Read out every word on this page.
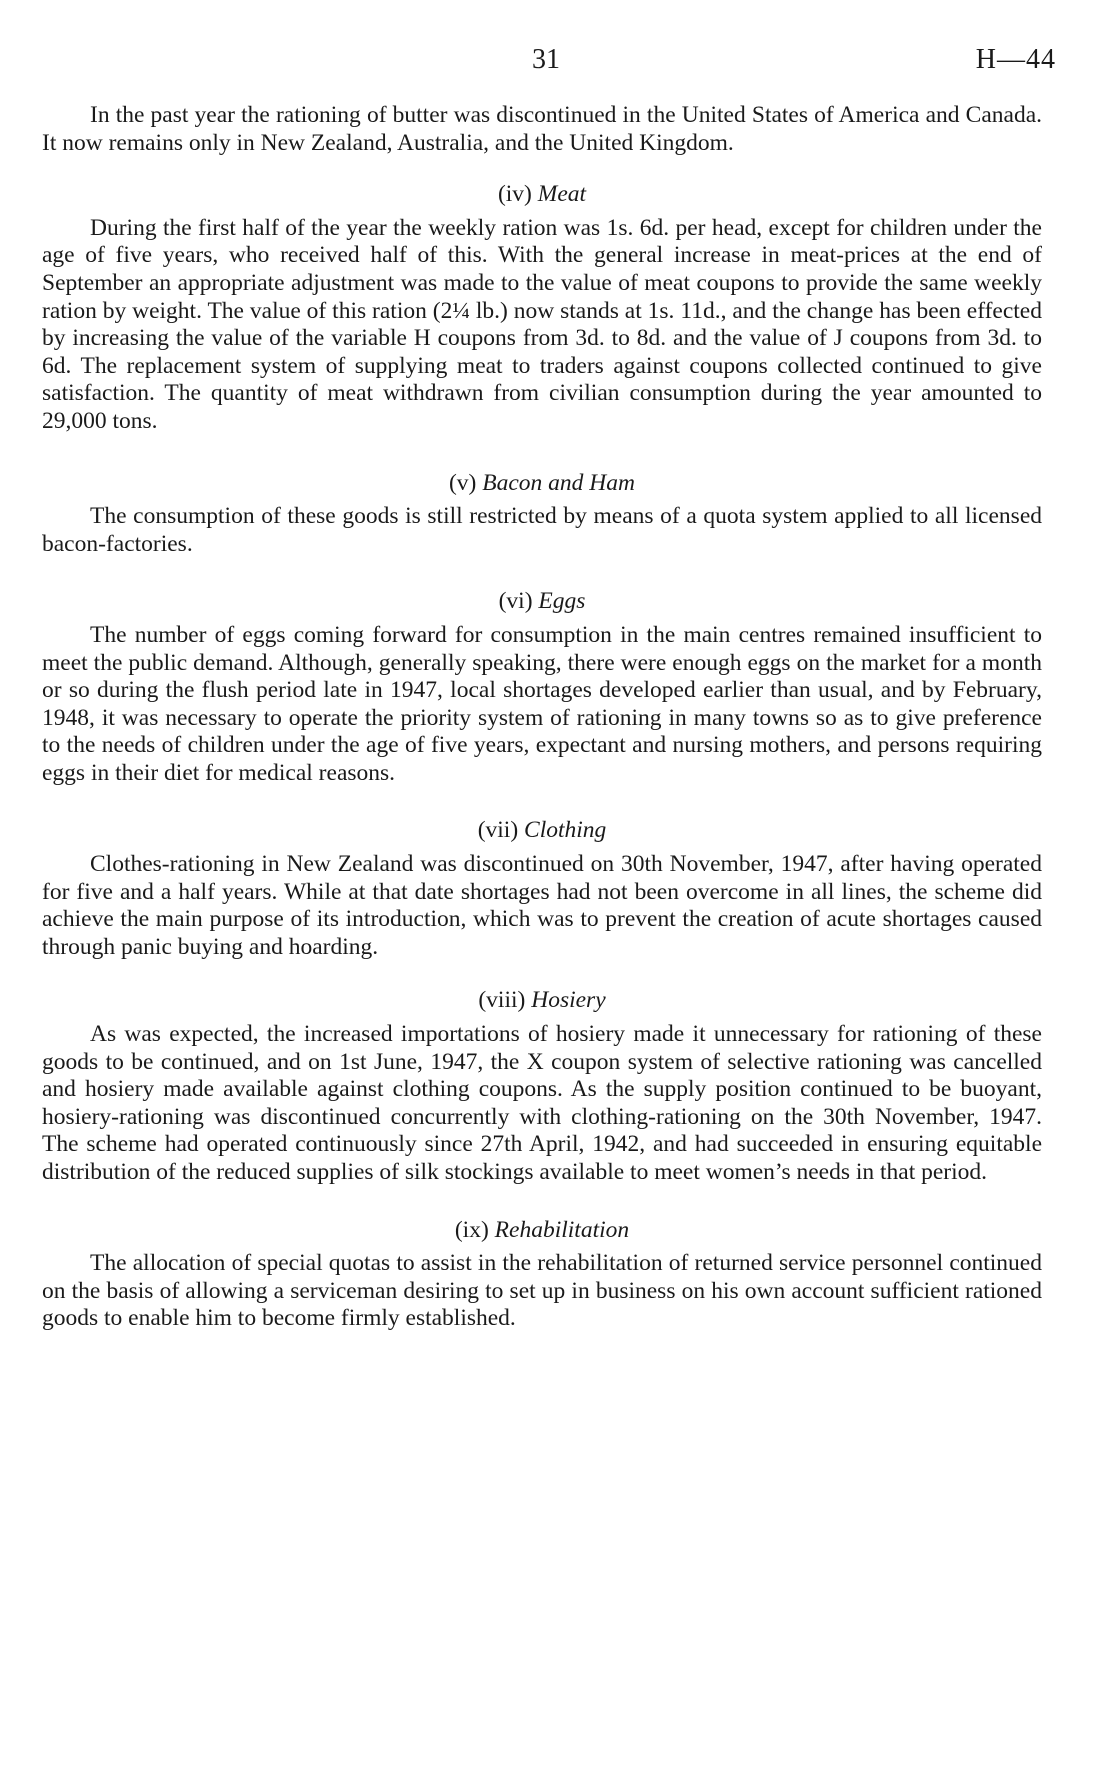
31	H—44

In the past year the rationing of butter was discontinued in the United States of America and Canada. It now remains only in New Zealand, Australia, and the United Kingdom.

(iv) Meat

During the first half of the year the weekly ration was 1s. 6d. per head, except for children under the age of five years, who received half of this. With the general increase in meat-prices at the end of September an appropriate adjustment was made to the value of meat coupons to provide the same weekly ration by weight. The value of this ration (2¼ lb.) now stands at 1s. 11d., and the change has been effected by increasing the value of the variable H coupons from 3d. to 8d. and the value of J coupons from 3d. to 6d. The replacement system of supplying meat to traders against coupons collected continued to give satisfaction. The quantity of meat withdrawn from civilian consumption during the year amounted to 29,000 tons.

(v) Bacon and Ham

The consumption of these goods is still restricted by means of a quota system applied to all licensed bacon-factories.

(vi) Eggs

The number of eggs coming forward for consumption in the main centres remained insufficient to meet the public demand. Although, generally speaking, there were enough eggs on the market for a month or so during the flush period late in 1947, local shortages developed earlier than usual, and by February, 1948, it was necessary to operate the priority system of rationing in many towns so as to give preference to the needs of children under the age of five years, expectant and nursing mothers, and persons requiring eggs in their diet for medical reasons.

(vii) Clothing

Clothes-rationing in New Zealand was discontinued on 30th November, 1947, after having operated for five and a half years. While at that date shortages had not been overcome in all lines, the scheme did achieve the main purpose of its introduction, which was to prevent the creation of acute shortages caused through panic buying and hoarding.

(viii) Hosiery

As was expected, the increased importations of hosiery made it unnecessary for rationing of these goods to be continued, and on 1st June, 1947, the X coupon system of selective rationing was cancelled and hosiery made available against clothing coupons. As the supply position continued to be buoyant, hosiery-rationing was discontinued concurrently with clothing-rationing on the 30th November, 1947. The scheme had operated continuously since 27th April, 1942, and had succeeded in ensuring equitable distribution of the reduced supplies of silk stockings available to meet women’s needs in that period.

(ix) Rehabilitation

The allocation of special quotas to assist in the rehabilitation of returned service personnel continued on the basis of allowing a serviceman desiring to set up in business on his own account sufficient rationed goods to enable him to become firmly established.
